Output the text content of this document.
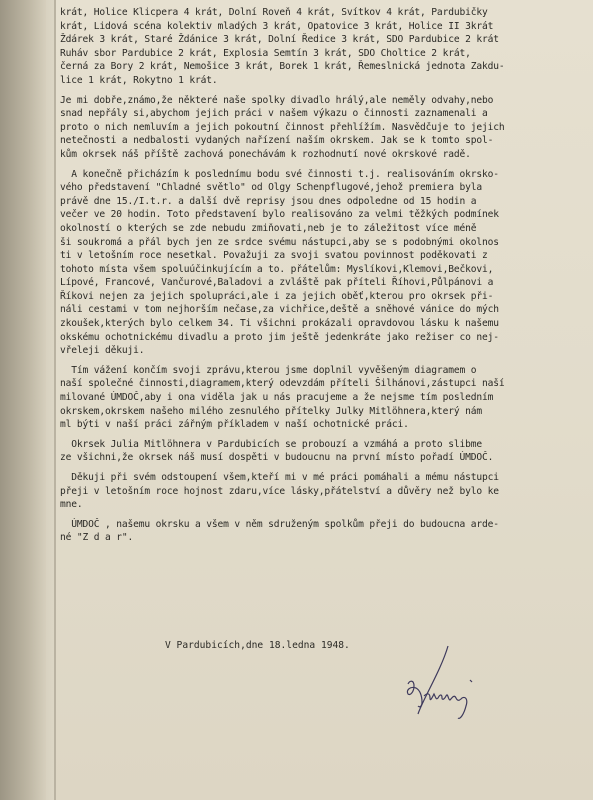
krát, Holice Klicpera 4 krát, Dolní Roveň 4 krát, Svítkov 4 krát, Pardubičky
krát, Lidová scéna kolektiv mladých 3 krát, Opatovice 3 krát, Holice II 3krát
Ždárek 3 krát, Staré Ždánice 3 krát, Dolní Ředice 3 krát, SDO Pardubice 2 krát
Ruháv sbor Pardubice 2 krát, Explosia Semtín 3 krát, SDO Choltice 2 krát,
černá za Bory 2 krát, Nemošice 3 krát, Borek 1 krát, Řemeslnická jednota Zakdu-
lice 1 krát, Rokytno 1 krát.
Je mi dobře,známo,že některé naše spolky divadlo hrálý,ale neměly odvahy,nebo
snad nepřály si,abychom jejich práci v našem výkazu o činnosti zaznamenali a
proto o nich nemluvím a jejich pokoutní činnost přehlížím. Nasvědčuje to jejich
netečnosti a nedbalosti vydaných nařízení naším okrskem. Jak se k tomto spol-
kům okrsek náš příště zachová ponechávám k rozhodnutí nové okrskové radě.
A konečně přicházím k poslednímu bodu své činnosti t.j. realisováním okrsko-
vého představení "Chladné světlo" od Olgy Schenpflugové,jehož premiera byla
právě dne 15./I.t.r. a další dvě reprisy jsou dnes odpoledne od 15 hodin a
večer ve 20 hodin. Toto představení bylo realisováno za velmi těžkých podmínek
okolností o kterých se zde nebudu zmiňovati,neb je to záležitost více méně
ši soukromá a přál bych jen ze srdce svému nástupci,aby se s podobnými okolnos
ti v letošním roce nesetkal. Považuji za svoji svatou povinnost poděkovati z
tohoto místa všem spoluúčinkujícím a to. přátelům: Myslíkovi,Klemovi,Bečkovi,
Lípové, Francové, Vančurové,Baladovi a zvláště pak příteli Říhovi,Půlpánovi a
Říkovi nejen za jejich spolupráci,ale i za jejich oběť,kterou pro okrsek při-
náli cestami v tom nejhorším nečase,za vichřice,deště a sněhové vánice do mých
zkoušek,kterých bylo celkem 34. Ti všichni prokázali opravdovou lásku k našemu
okskému ochotnickému divadlu a proto jim ještě jedenkráte jako režiser co nej-
vřeleji děkuji.
Tím vážení končím svoji zprávu,kterou jsme doplnil vyvěšeným diagramem o
naší společné činnosti,diagramem,který odevzdám příteli Šilhánovi,zástupci naší
milované ÚMDOČ,aby i ona viděla jak u nás pracujeme a že nejsme tím posledním
okrskem,okrskem našeho milého zesnulého přítelky Julky Mitlöhnera,který nám
ml býti v naší práci zářným příkladem v naší ochotnické práci.
Okrsek Julia Mitlöhnera v Pardubicích se probouzí a vzmáhá a proto slibme
ze všichni,že okrsek náš musí dospěti v budoucnu na první místo pořadí ÚMDOČ.
Děkuji při svém odstoupení všem,kteří mi v mé práci pomáhali a mému nástupci
přeji v letošním roce hojnost zdaru,více lásky,přátelství a důvěry než bylo ke
mne.
ÚMDOČ , našemu okrsku a všem v něm sdruženým spolkům přeji do budoucna arde-
né "Z d a r".
V Pardubicích,dne 18.ledna 1948.
